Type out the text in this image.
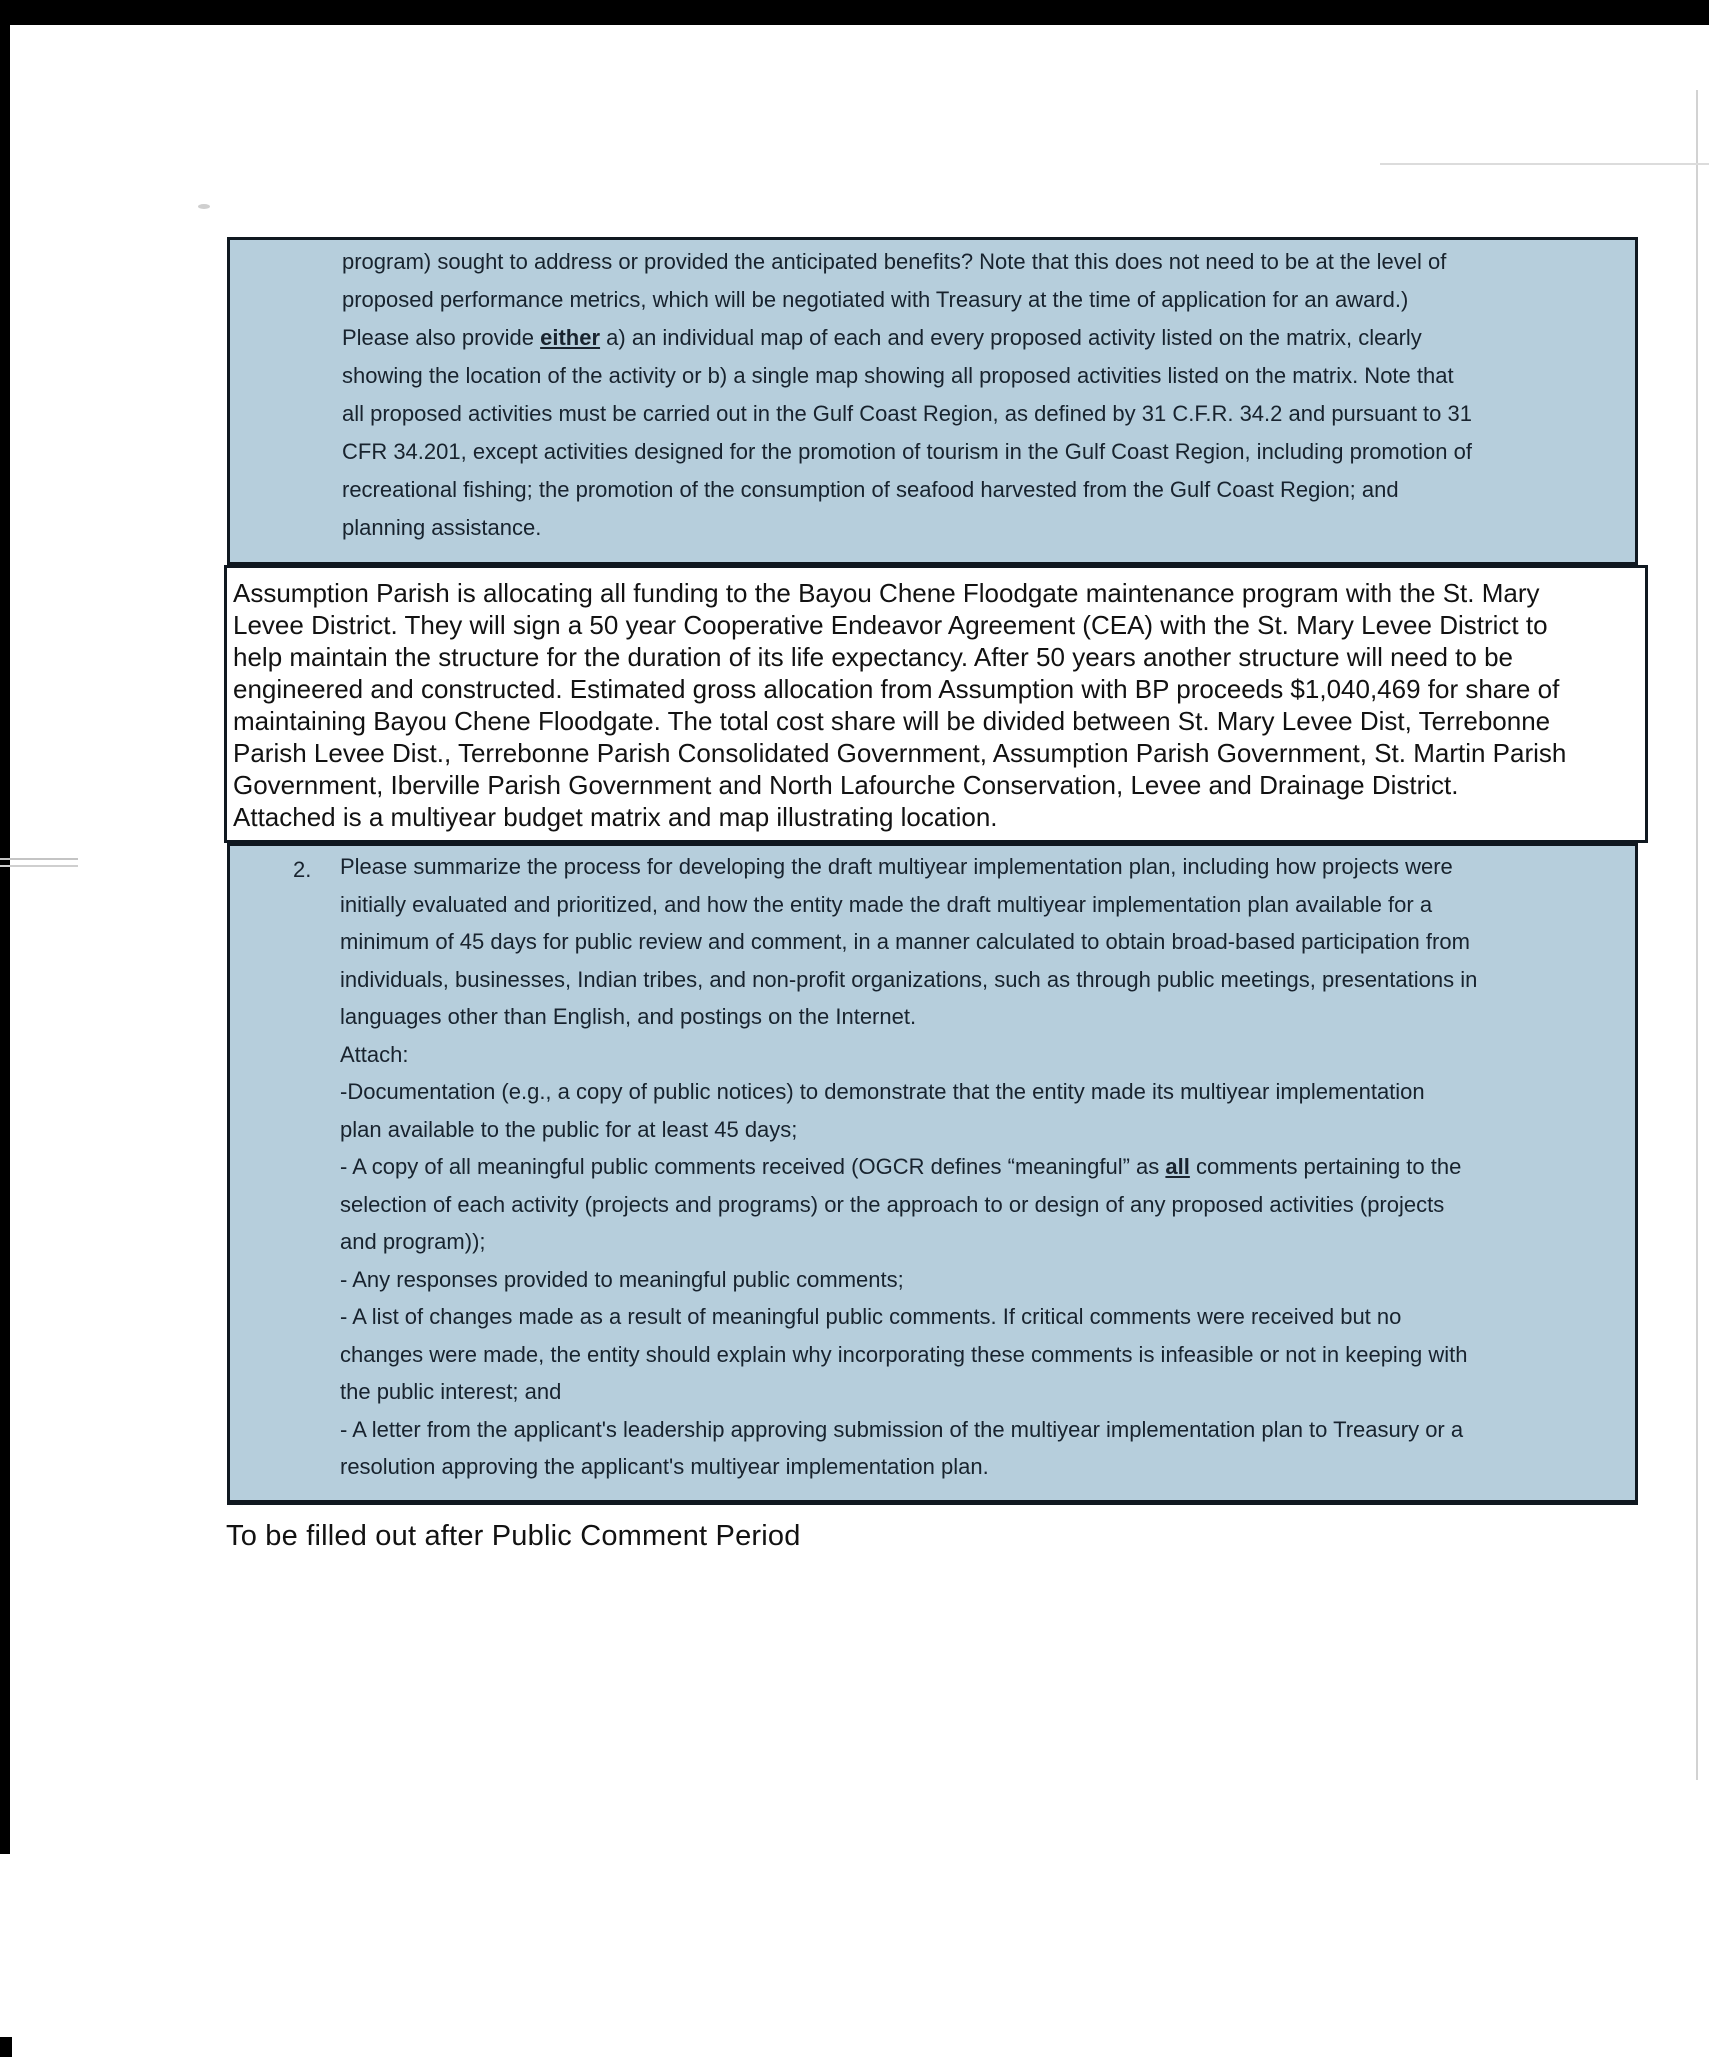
program) sought to address or provided the anticipated benefits? Note that this does not need to be at the level of
proposed performance metrics, which will be negotiated with Treasury at the time of application for an award.)
Please also provide either a) an individual map of each and every proposed activity listed on the matrix, clearly
showing the location of the activity or b) a single map showing all proposed activities listed on the matrix. Note that
all proposed activities must be carried out in the Gulf Coast Region, as defined by 31 C.F.R. 34.2 and pursuant to 31
CFR 34.201, except activities designed for the promotion of tourism in the Gulf Coast Region, including promotion of
recreational fishing; the promotion of the consumption of seafood harvested from the Gulf Coast Region; and
planning assistance.
Assumption Parish is allocating all funding to the Bayou Chene Floodgate maintenance program with the St. Mary
Levee District. They will sign a 50 year Cooperative Endeavor Agreement (CEA) with the St. Mary Levee District to
help maintain the structure for the duration of its life expectancy. After 50 years another structure will need to be
engineered and constructed. Estimated gross allocation from Assumption with BP proceeds $1,040,469 for share of
maintaining Bayou Chene Floodgate. The total cost share will be divided between St. Mary Levee Dist, Terrebonne
Parish Levee Dist., Terrebonne Parish Consolidated Government, Assumption Parish Government, St. Martin Parish
Government, Iberville Parish Government and North Lafourche Conservation, Levee and Drainage District.
Attached is a multiyear budget matrix and map illustrating location.
2. Please summarize the process for developing the draft multiyear implementation plan, including how projects were
initially evaluated and prioritized, and how the entity made the draft multiyear implementation plan available for a
minimum of 45 days for public review and comment, in a manner calculated to obtain broad-based participation from
individuals, businesses, Indian tribes, and non-profit organizations, such as through public meetings, presentations in
languages other than English, and postings on the Internet.
Attach:
-Documentation (e.g., a copy of public notices) to demonstrate that the entity made its multiyear implementation
plan available to the public for at least 45 days;
- A copy of all meaningful public comments received (OGCR defines “meaningful” as all comments pertaining to the
selection of each activity (projects and programs) or the approach to or design of any proposed activities (projects
and program));
- Any responses provided to meaningful public comments;
- A list of changes made as a result of meaningful public comments. If critical comments were received but no
changes were made, the entity should explain why incorporating these comments is infeasible or not in keeping with
the public interest; and
- A letter from the applicant's leadership approving submission of the multiyear implementation plan to Treasury or a
resolution approving the applicant's multiyear implementation plan.
To be filled out after Public Comment Period
